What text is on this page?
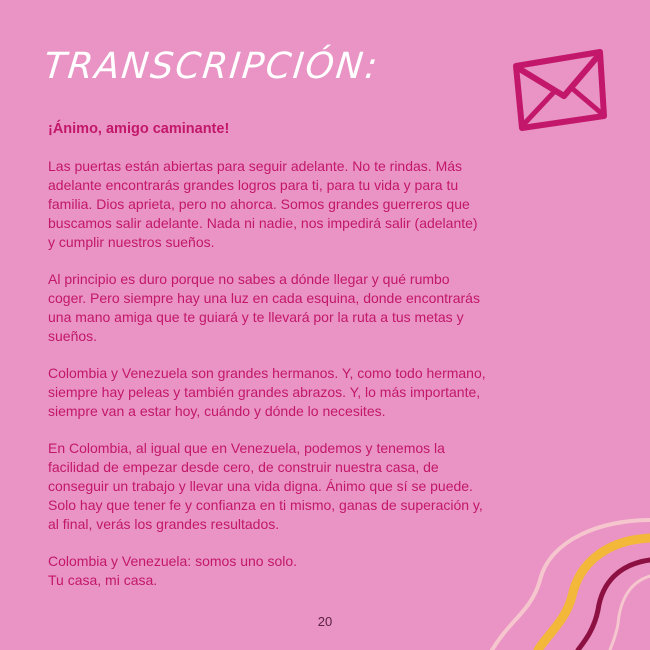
TRANSCRIPCIÓN:

¡Ánimo, amigo caminante!

Las puertas están abiertas para seguir adelante. No te rindas. Más adelante encontrarás grandes logros para ti, para tu vida y para tu familia. Dios aprieta, pero no ahorca. Somos grandes guerreros que buscamos salir adelante. Nada ni nadie, nos impedirá salir (adelante) y cumplir nuestros sueños.

Al principio es duro porque no sabes a dónde llegar y qué rumbo coger. Pero siempre hay una luz en cada esquina, donde encontrarás una mano amiga que te guiará y te llevará por la ruta a tus metas y sueños.

Colombia y Venezuela son grandes hermanos. Y, como todo hermano, siempre hay peleas y también grandes abrazos. Y, lo más importante, siempre van a estar hoy, cuándo y dónde lo necesites.

En Colombia, al igual que en Venezuela, podemos y tenemos la facilidad de empezar desde cero, de construir nuestra casa, de conseguir un trabajo y llevar una vida digna. Ánimo que sí se puede. Solo hay que tener fe y confianza en ti mismo, ganas de superación y, al final, verás los grandes resultados.

Colombia y Venezuela: somos uno solo.
Tu casa, mi casa.

20
